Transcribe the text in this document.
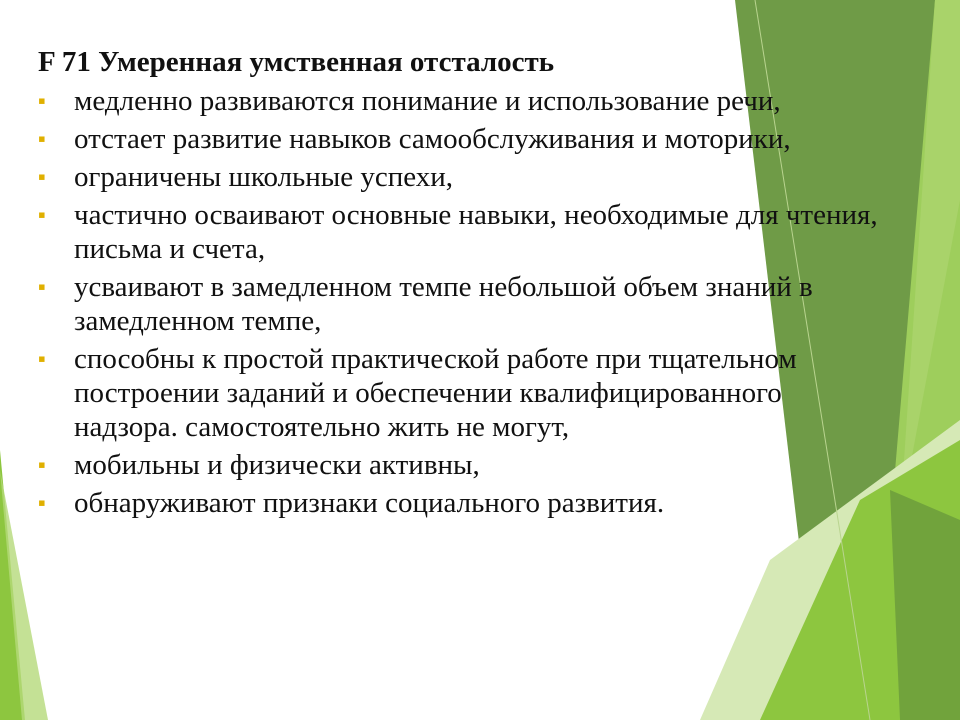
F 71 Умеренная умственная отсталость
▪ медленно развиваются понимание и использование речи,
▪ отстает развитие навыков самообслуживания и моторики,
▪ ограничены школьные успехи,
▪ частично осваивают основные навыки, необходимые для чтения, письма и счета,
▪ усваивают в замедленном темпе небольшой объем знаний в замедленном темпе,
▪ способны к простой практической работе при тщательном построении заданий и обеспечении квалифицированного надзора. самостоятельно жить не могут,
▪ мобильны и физически активны,
▪ обнаруживают признаки социального развития.
